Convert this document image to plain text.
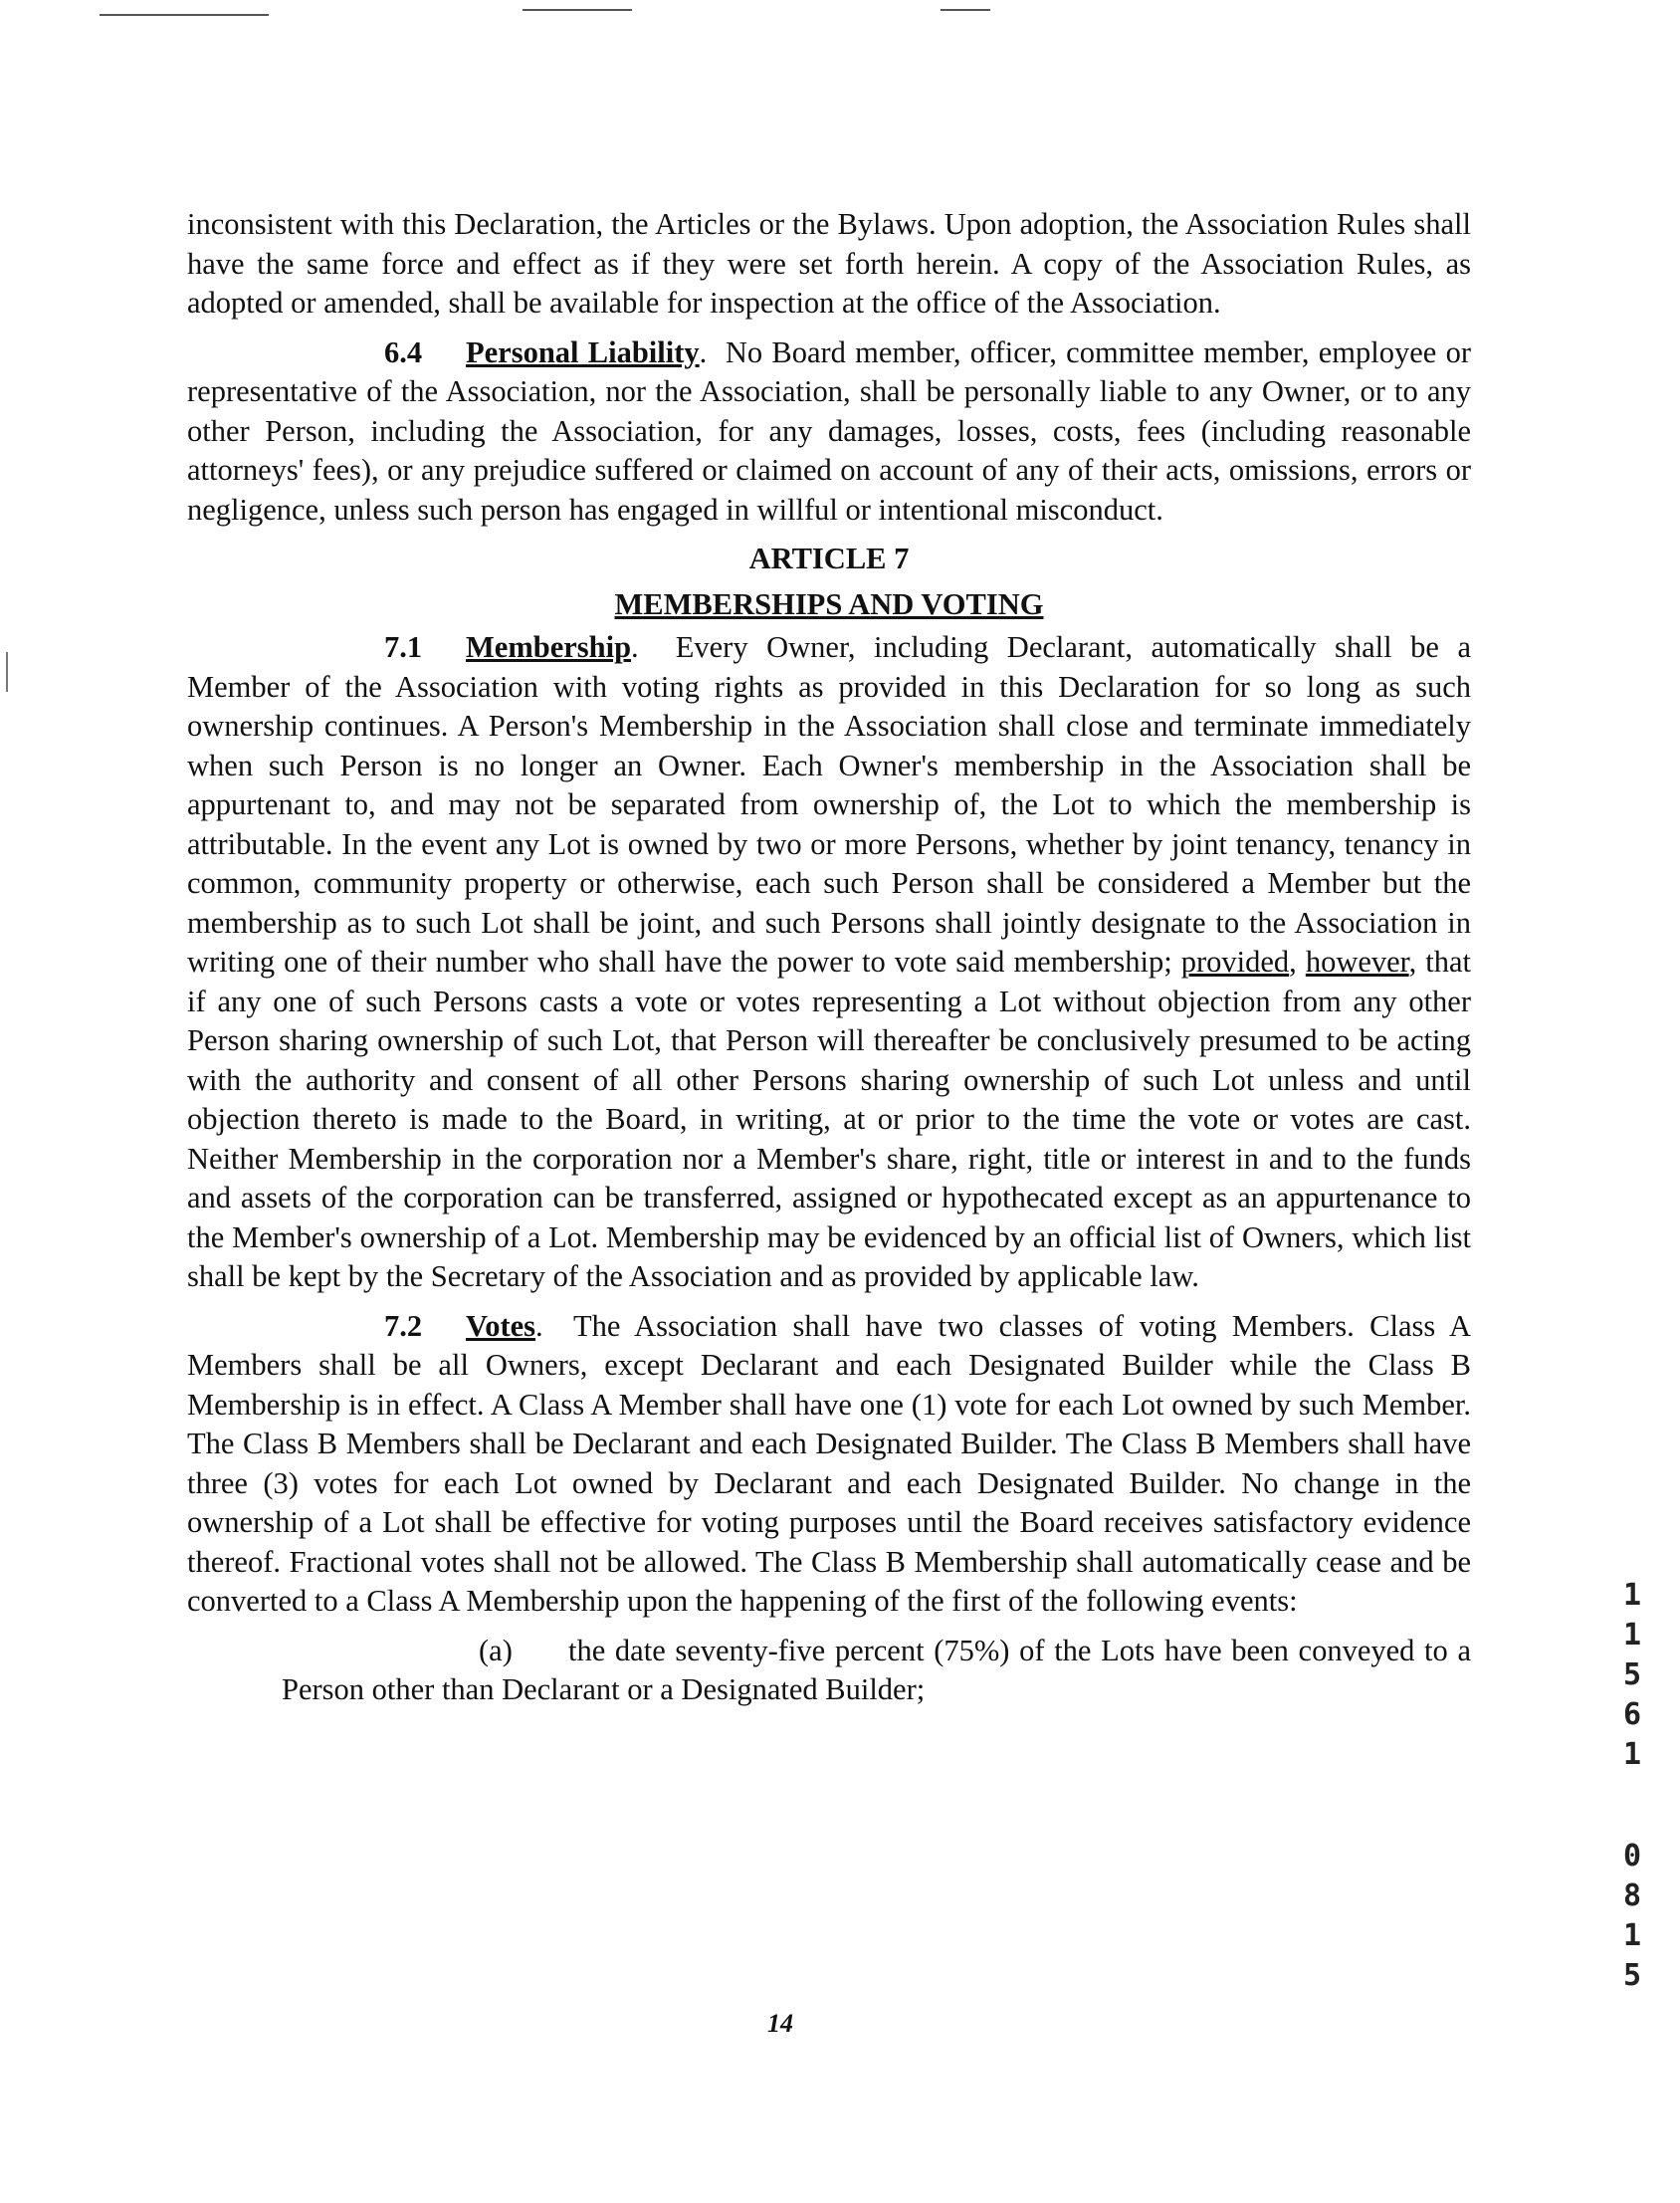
inconsistent with this Declaration, the Articles or the Bylaws. Upon adoption, the Association Rules shall have the same force and effect as if they were set forth herein. A copy of the Association Rules, as adopted or amended, shall be available for inspection at the office of the Association.

6.4 Personal Liability.  No Board member, officer, committee member, employee or representative of the Association, nor the Association, shall be personally liable to any Owner, or to any other Person, including the Association, for any damages, losses, costs, fees (including reasonable attorneys' fees), or any prejudice suffered or claimed on account of any of their acts, omissions, errors or negligence, unless such person has engaged in willful or intentional misconduct.

ARTICLE 7

MEMBERSHIPS AND VOTING

7.1 Membership.  Every Owner, including Declarant, automatically shall be a Member of the Association with voting rights as provided in this Declaration for so long as such ownership continues. A Person's Membership in the Association shall close and terminate immediately when such Person is no longer an Owner. Each Owner's membership in the Association shall be appurtenant to, and may not be separated from ownership of, the Lot to which the membership is attributable. In the event any Lot is owned by two or more Persons, whether by joint tenancy, tenancy in common, community property or otherwise, each such Person shall be considered a Member but the membership as to such Lot shall be joint, and such Persons shall jointly designate to the Association in writing one of their number who shall have the power to vote said membership; provided, however, that if any one of such Persons casts a vote or votes representing a Lot without objection from any other Person sharing ownership of such Lot, that Person will thereafter be conclusively presumed to be acting with the authority and consent of all other Persons sharing ownership of such Lot unless and until objection thereto is made to the Board, in writing, at or prior to the time the vote or votes are cast. Neither Membership in the corporation nor a Member's share, right, title or interest in and to the funds and assets of the corporation can be transferred, assigned or hypothecated except as an appurtenance to the Member's ownership of a Lot. Membership may be evidenced by an official list of Owners, which list shall be kept by the Secretary of the Association and as provided by applicable law.

7.2 Votes.  The Association shall have two classes of voting Members. Class A Members shall be all Owners, except Declarant and each Designated Builder while the Class B Membership is in effect. A Class A Member shall have one (1) vote for each Lot owned by such Member. The Class B Members shall be Declarant and each Designated Builder. The Class B Members shall have three (3) votes for each Lot owned by Declarant and each Designated Builder. No change in the ownership of a Lot shall be effective for voting purposes until the Board receives satisfactory evidence thereof. Fractional votes shall not be allowed. The Class B Membership shall automatically cease and be converted to a Class A Membership upon the happening of the first of the following events:

(a) the date seventy-five percent (75%) of the Lots have been conveyed to a Person other than Declarant or a Designated Builder;

14
1
1
5
6
1
0
8
1
5
